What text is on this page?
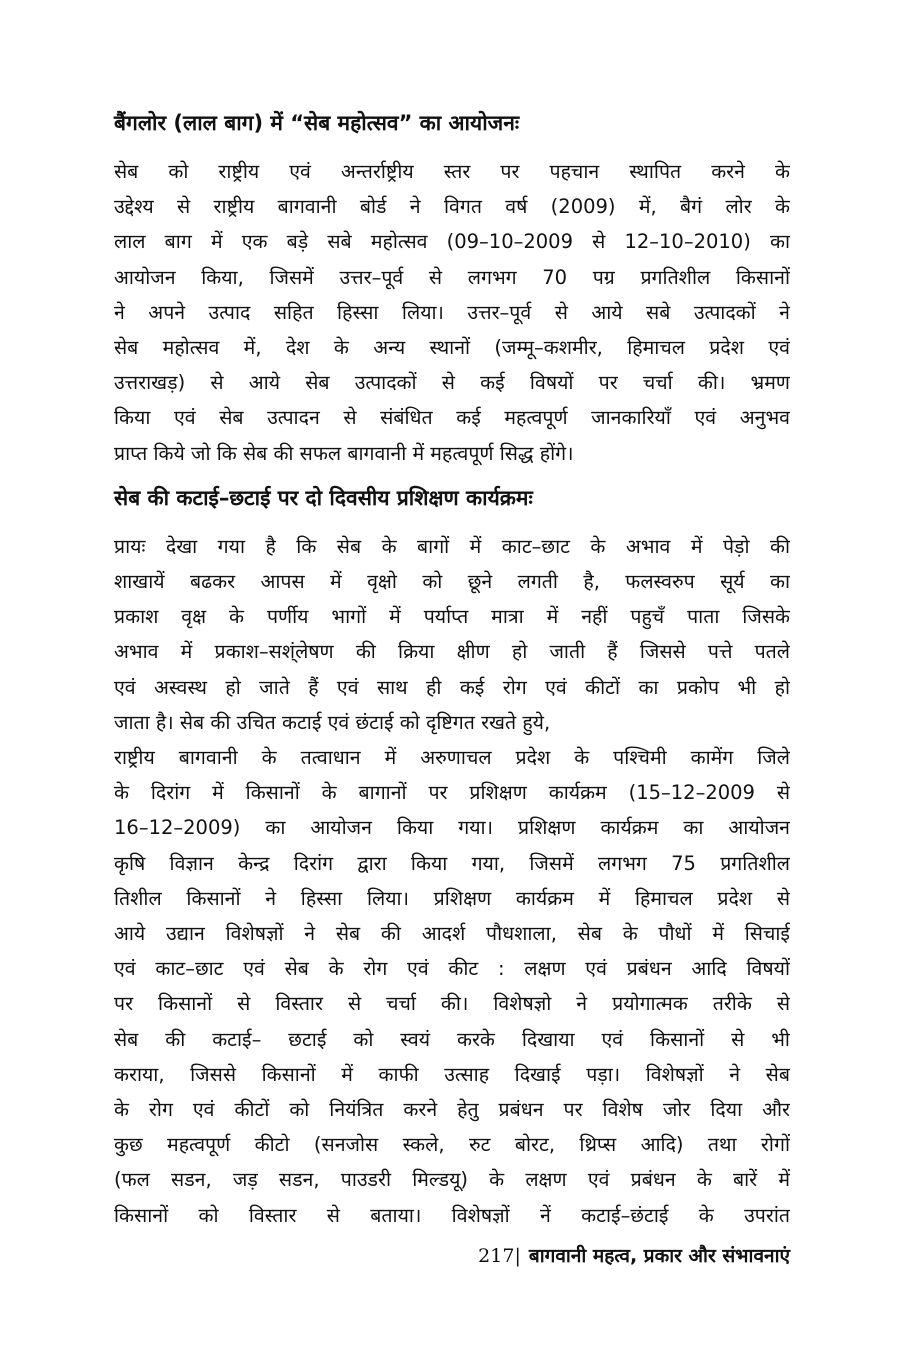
बैंगलोर (लाल बाग) में “सेब महोत्सव” का आयोजनः
सेब को राष्ट्रीय एवं अन्तर्राष्ट्रीय स्तर पर पहचान स्थापित करने के
उद्देश्य से राष्ट्रीय बागवानी बोर्ड ने विगत वर्ष (2009) में, बैगं लोर के
लाल बाग में एक बड़े सबे महोत्सव (09–10–2009 से 12–10–2010) का
आयोजन किया, जिसमें उत्तर–पूर्व से लगभग 70 पग्र प्रगतिशील किसानों
ने अपने उत्पाद सहित हिस्सा लिया। उत्तर–पूर्व से आये सबे उत्पादकों ने
सेब महोत्सव में, देश के अन्य स्थानों (जम्मू–कशमीर, हिमाचल प्रदेश एवं
उत्तराखड़) से आये सेब उत्पादकों से कई विषयों पर चर्चा की। भ्रमण
किया एवं सेब उत्पादन से संबंधित कई महत्वपूर्ण जानकारियाँ एवं अनुभव
प्राप्त किये जो कि सेब की सफल बागवानी में महत्वपूर्ण सिद्ध होंगे।
सेब की कटाई–छटाई पर दो दिवसीय प्रशिक्षण कार्यक्रमः
प्रायः देखा गया है कि सेब के बागों में काट–छाट के अभाव में पेड़ो की
शाखायें बढकर आपस में वृक्षो को छूने लगती है, फलस्वरुप सूर्य का
प्रकाश वृक्ष के पर्णीय भागों में पर्याप्त मात्रा में नहीं पहुचँ पाता जिसके
अभाव में प्रकाश–सश्ंलेषण की क्रिया क्षीण हो जाती हैं जिससे पत्ते पतले
एवं अस्वस्थ हो जाते हैं एवं साथ ही कई रोग एवं कीटों का प्रकोप भी हो
जाता है। सेब की उचित कटाई एवं छंटाई को दृष्टिगत रखते हुये,
राष्ट्रीय बागवानी के तत्वाधान में अरुणाचल प्रदेश के पश्चिमी कामेंग जिले
के दिरांग में किसानों के बागानों पर प्रशिक्षण कार्यक्रम (15–12–2009 से
16–12–2009) का आयोजन किया गया। प्रशिक्षण कार्यक्रम का आयोजन
कृषि विज्ञान केन्द्र दिरांग द्वारा किया गया, जिसमें लगभग 75 प्रगतिशील
तिशील किसानों ने हिस्सा लिया। प्रशिक्षण कार्यक्रम में हिमाचल प्रदेश से
आये उद्यान विशेषज्ञों ने सेब की आदर्श पौधशाला, सेब के पौधों में सिचाई
एवं काट–छाट एवं सेब के रोग एवं कीट : लक्षण एवं प्रबंधन आदि विषयों
पर किसानों से विस्तार से चर्चा की। विशेषज्ञो ने प्रयोगात्मक तरीके से
सेब की कटाई– छटाई को स्वयं करके दिखाया एवं किसानों से भी
कराया, जिससे किसानों में काफी उत्साह दिखाई पड़ा। विशेषज्ञों ने सेब
के रोग एवं कीटों को नियंत्रित करने हेतु प्रबंधन पर विशेष जोर दिया और
कुछ महत्वपूर्ण कीटो (सनजोस स्कले, रुट बोरट, थ्रिप्स आदि) तथा रोगों
(फल सडन, जड़ सडन, पाउडरी मिल्डयू) के लक्षण एवं प्रबंधन के बारें में
किसानों को विस्तार से बताया। विशेषज्ञों नें कटाई–छंटाई के उपरांत
217| बागवानी महत्व, प्रकार और संभावनाएं
